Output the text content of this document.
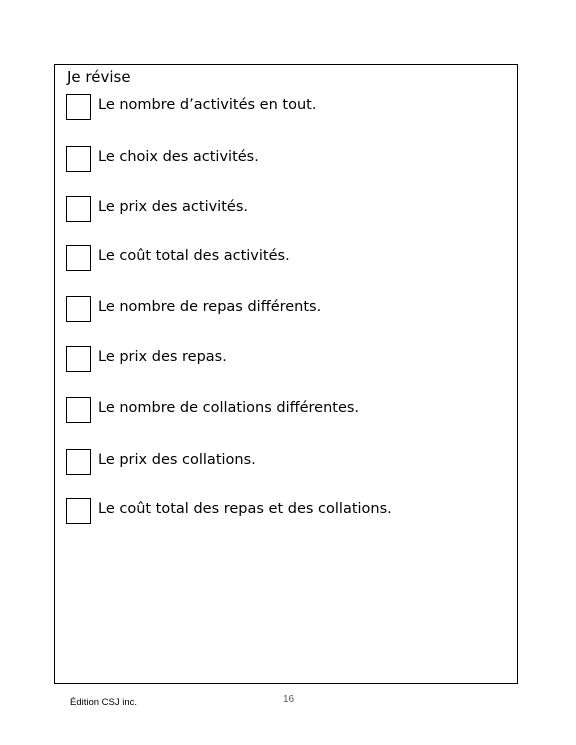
Je révise
Le nombre d’activités en tout.
Le choix des activités.
Le prix des activités.
Le coût total des activités.
Le nombre de repas différents.
Le prix des repas.
Le nombre de collations différentes.
Le prix des collations.
Le coût total des repas et des collations.
Édition CSJ inc.	16
